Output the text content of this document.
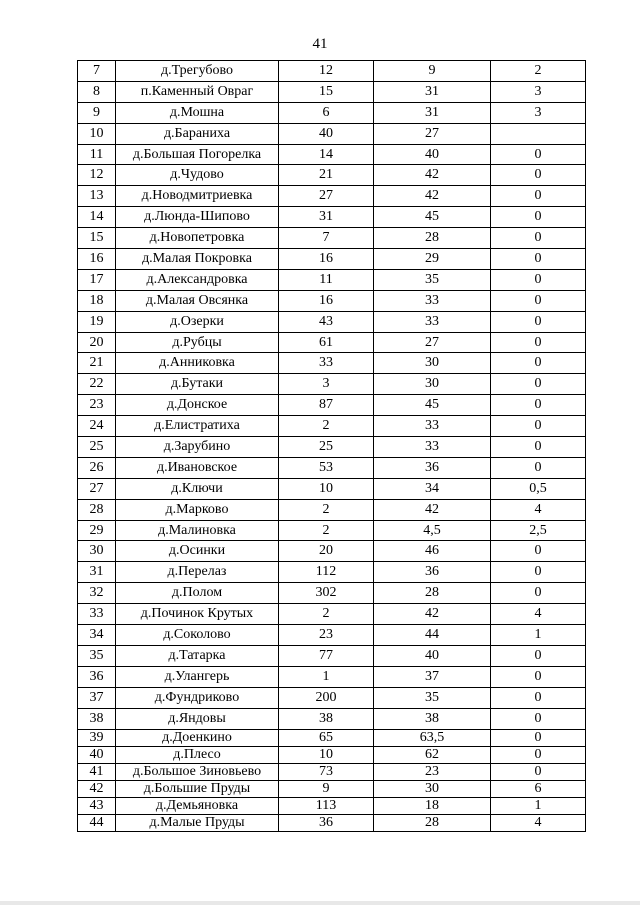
41
7	д.Трегубово	12	9	2
8	п.Каменный Овраг	15	31	3
9	д.Мошна	6	31	3
10	д.Бараниха	40	27	
11	д.Большая Погорелка	14	40	0
12	д.Чудово	21	42	0
13	д.Новодмитриевка	27	42	0
14	д.Люнда-Шипово	31	45	0
15	д.Новопетровка	7	28	0
16	д.Малая Покровка	16	29	0
17	д.Александровка	11	35	0
18	д.Малая Овсянка	16	33	0
19	д.Озерки	43	33	0
20	д.Рубцы	61	27	0
21	д.Анниковка	33	30	0
22	д.Бутаки	3	30	0
23	д.Донское	87	45	0
24	д.Елистратиха	2	33	0
25	д.Зарубино	25	33	0
26	д.Ивановское	53	36	0
27	д.Ключи	10	34	0,5
28	д.Марково	2	42	4
29	д.Малиновка	2	4,5	2,5
30	д.Осинки	20	46	0
31	д.Перелаз	112	36	0
32	д.Полом	302	28	0
33	д.Починок Крутых	2	42	4
34	д.Соколово	23	44	1
35	д.Татарка	77	40	0
36	д.Улангерь	1	37	0
37	д.Фундриково	200	35	0
38	д.Яндовы	38	38	0
39	д.Доенкино	65	63,5	0
40	д.Плесо	10	62	0
41	д.Большое Зиновьево	73	23	0
42	д.Большие Пруды	9	30	6
43	д.Демьяновка	113	18	1
44	д.Малые Пруды	36	28	4
